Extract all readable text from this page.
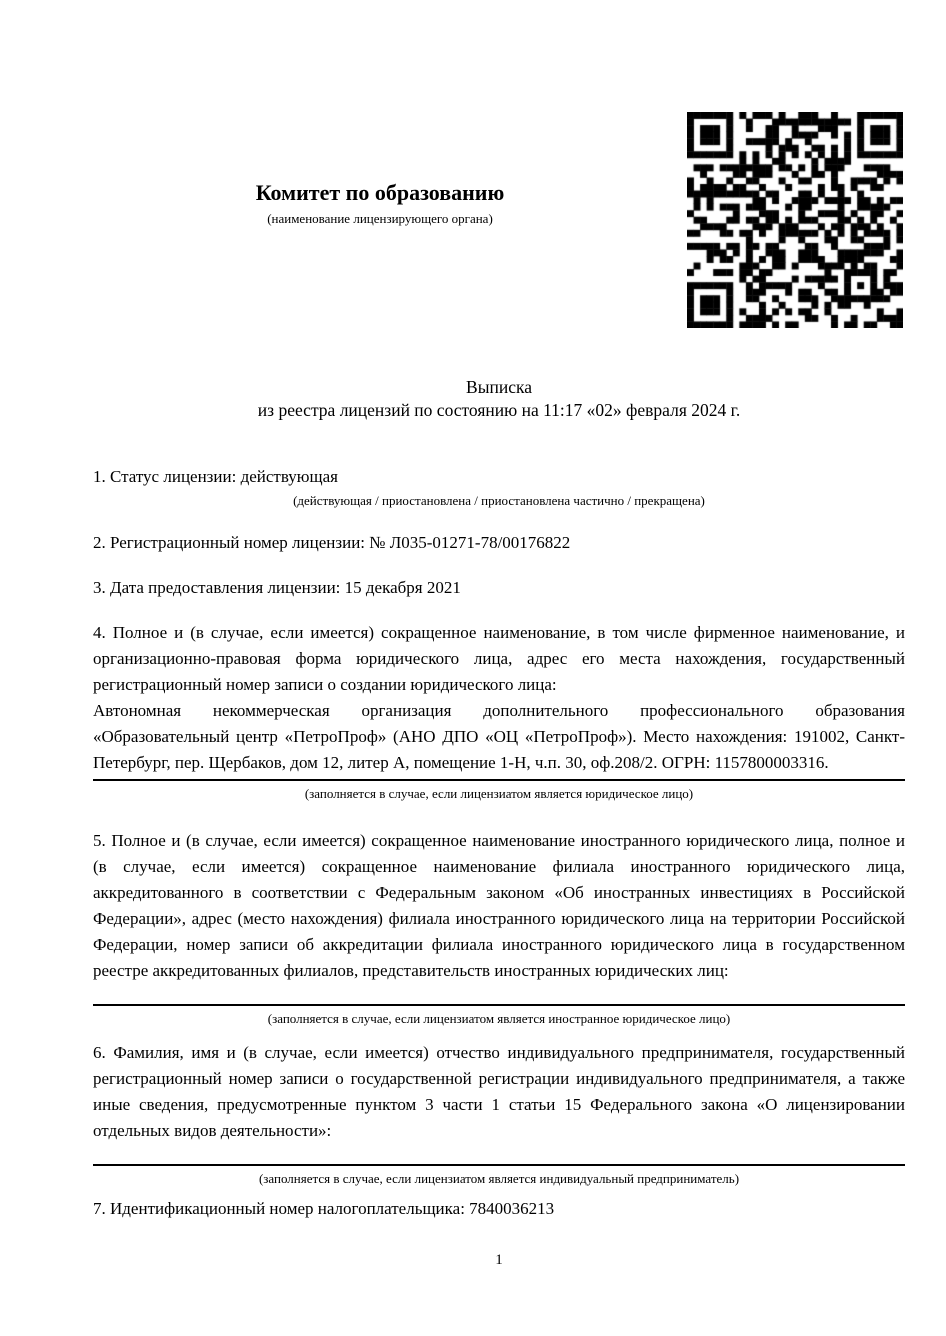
Комитет по образованию
(наименование лицензирующего органа)
Выписка
из реестра лицензий по состоянию на 11:17 «02» февраля 2024 г.

1. Статус лицензии: действующая

(действующая / приостановлена / приостановлена частично / прекращена)

2. Регистрационный номер лицензии: № Л035-01271-78/00176822

3. Дата предоставления лицензии: 15 декабря 2021

4. Полное и (в случае, если имеется) сокращенное наименование, в том числе фирменное наименование, и организационно-правовая форма юридического лица, адрес его места нахождения, государственный регистрационный номер записи о создании юридического лица:

Автономная некоммерческая организация дополнительного профессионального образования «Образовательный центр «ПетроПроф» (АНО ДПО «ОЦ «ПетроПроф»). Место нахождения: 191002, Санкт-Петербург, пер. Щербаков, дом 12, литер А, помещение 1-Н, ч.п. 30, оф.208/2. ОГРН: 1157800003316.

(заполняется в случае, если лицензиатом является юридическое лицо)

5. Полное и (в случае, если имеется) сокращенное наименование иностранного юридического лица, полное и (в случае, если имеется) сокращенное наименование филиала иностранного юридического лица, аккредитованного в соответствии с Федеральным законом «Об иностранных инвестициях в Российской Федерации», адрес (место нахождения) филиала иностранного юридического лица на территории Российской Федерации, номер записи об аккредитации филиала иностранного юридического лица в государственном реестре аккредитованных филиалов, представительств иностранных юридических лиц:

(заполняется в случае, если лицензиатом является иностранное юридическое лицо)

6. Фамилия, имя и (в случае, если имеется) отчество индивидуального предпринимателя, государственный регистрационный номер записи о государственной регистрации индивидуального предпринимателя, а также иные сведения, предусмотренные пунктом 3 части 1 статьи 15 Федерального закона «О лицензировании отдельных видов деятельности»:

(заполняется в случае, если лицензиатом является индивидуальный предприниматель)

7. Идентификационный номер налогоплательщика: 7840036213

1
